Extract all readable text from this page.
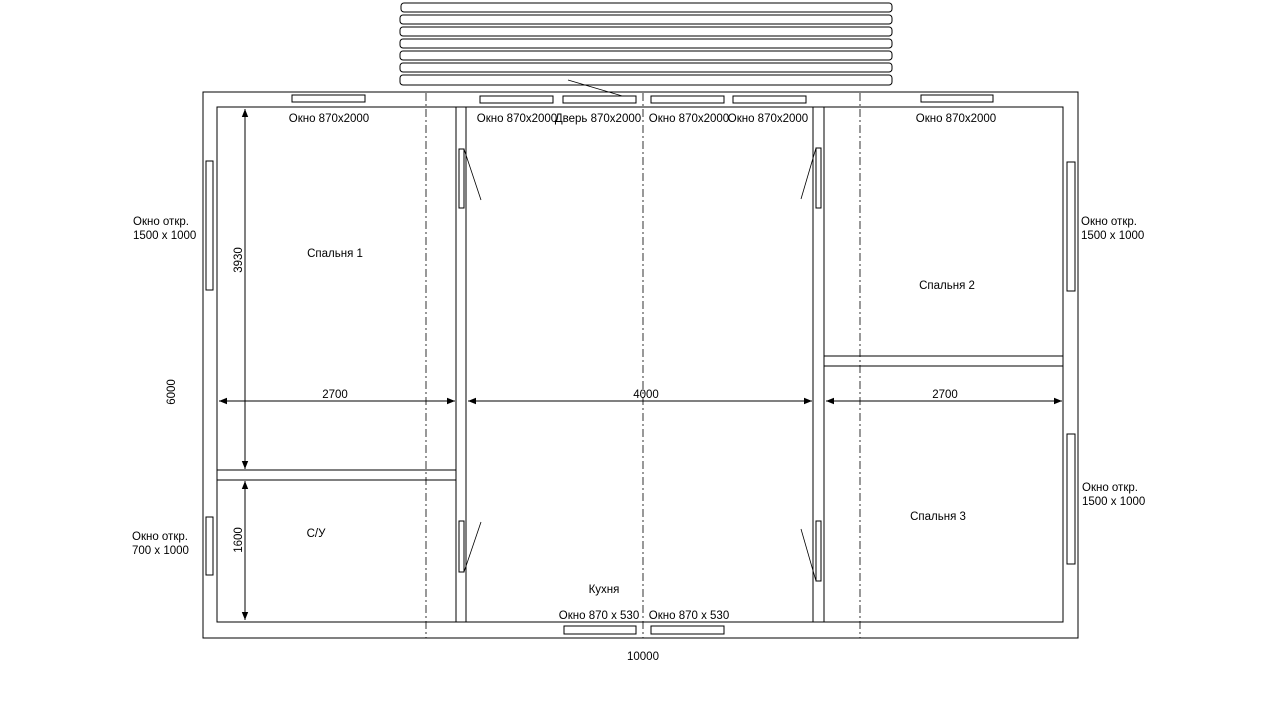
10000
6000
3930
1600
2700	4000	2700
Спальня 1
Спальня 2
Спальня 3
С/У
Кухня
Окно 870х2000	Окно 870х2000
Дверь 870х2000 Окно 870х2000
Окно 870х2000	Окно 870х2000
Окно откр.
1500 x 1000
Окно откр.
700 x 1000
Окно откр.
1500 x 1000
Окно откр.
1500 x 1000
Окно 870 x 530 Окно 870 x 530
